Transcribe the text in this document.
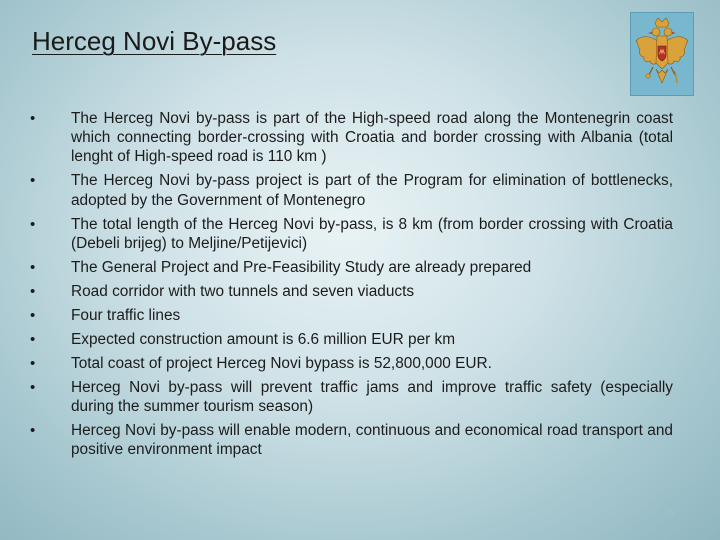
Herceg Novi By-pass
• The Herceg Novi by-pass is part of the High-speed road along the Montenegrin coast which connecting border-crossing with Croatia and border crossing with Albania (total lenght of High-speed road is 110 km )
• The Herceg Novi by-pass project is part of the Program for elimination of bottlenecks, adopted by the Government of Montenegro
• The total length of the Herceg Novi by-pass, is 8 km (from border crossing with Croatia (Debeli brijeg) to Meljine/Petijevici)
• The General Project and Pre-Feasibility Study are already prepared
• Road corridor with two tunnels and seven viaducts
• Four traffic lines
• Expected construction amount is 6.6 million EUR per km
• Total coast of project Herceg Novi bypass is 52,800,000 EUR.
• Herceg Novi by-pass will prevent traffic jams and improve traffic safety (especially during the summer tourism season)
• Herceg Novi by-pass will enable modern, continuous and economical road transport and positive environment impact
5
